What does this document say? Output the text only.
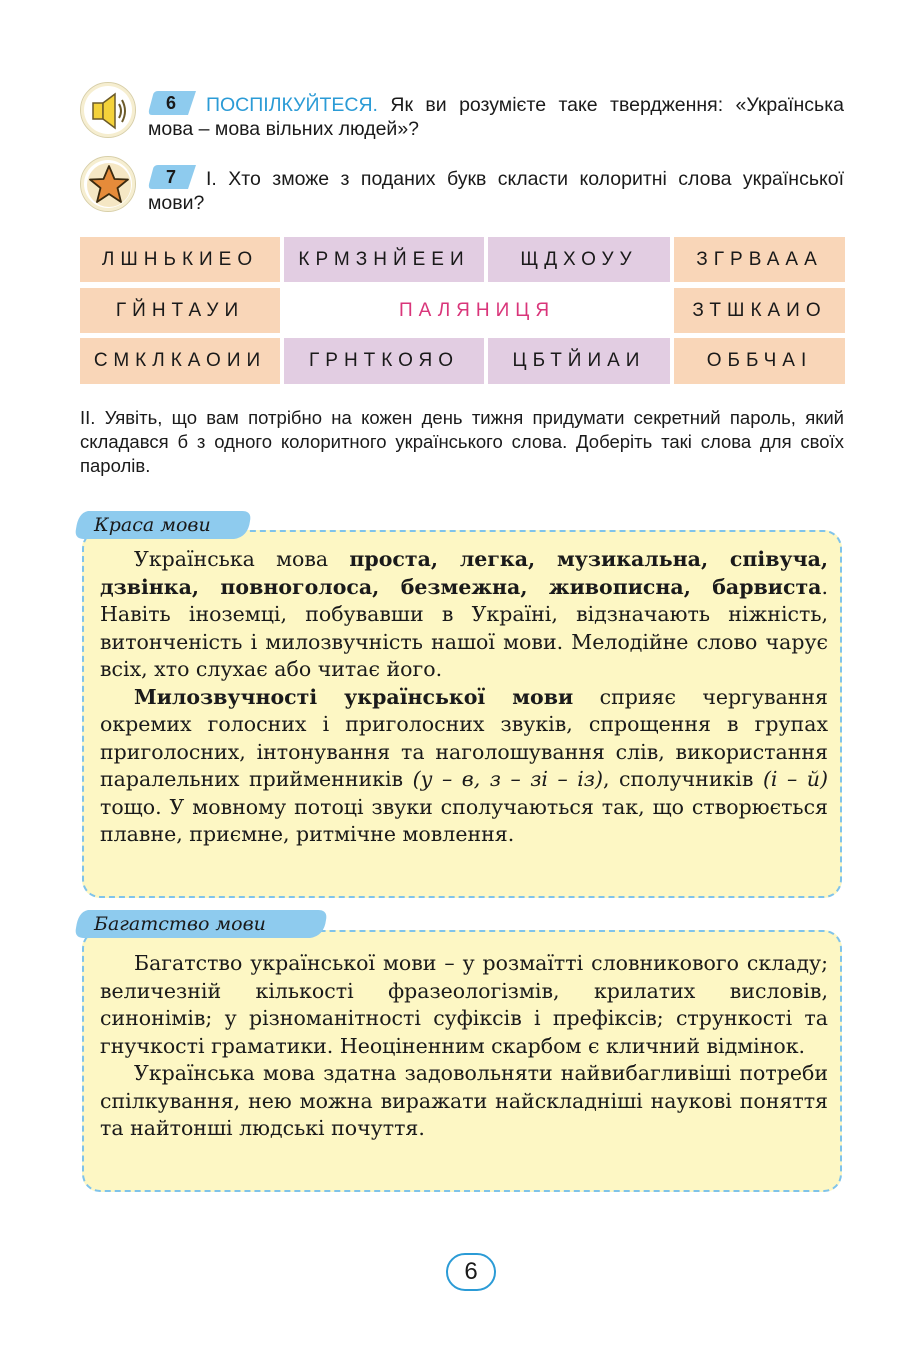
6	ПОСПІЛКУЙТЕСЯ. Як ви розумієте таке твердження: «Українська мова – мова вільних людей»?
7	І. Хто зможе з поданих букв скласти колоритні слова української мови?
ЛШНЬКИЕО	КРМЗНЙЕЕИ	ЩДХОУУ	ЗГРВААА
ГЙНТАУИ	ПАЛЯНИЦЯ	ЗТШКАИО
СМКЛКАОИИ	ГРНТКОЯО	ЦБТЙИАИ	ОББЧАІ
ІІ. Уявіть, що вам потрібно на кожен день тижня придумати секретний пароль, який складався б з одного колоритного українського слова. Доберіть такі слова для своїх паролів.

Українська мова проста, легка, музикальна, співуча, дзвінка, повноголоса, безмежна, живописна, барвиста. Навіть іноземці, побувавши в Україні, відзначають ніжність, витонченість і милозвучність нашої мови. Мелодійне слово чарує всіх, хто слухає або читає його.

Милозвучності української мови сприяє чергування окремих голосних і приголосних звуків, спрощення в групах приголосних, інтонування та наголошування слів, використання паралельних прийменників (у – в, з – зі – із), сполучників (і – й) тощо. У мовному потоці звуки сполучаються так, що створюється плавне, приємне, ритмічне мовлення.

Краса мови

Багатство української мови – у розмаїтті словникового складу; величезній кількості фразеологізмів, крилатих висловів, синонімів; у різноманітності суфіксів і префіксів; стрункості та гнучкості граматики. Неоціненним скарбом є кличний відмінок.

Українська мова здатна задовольняти найвибагливіші потреби спілкування, нею можна виражати найскладніші наукові поняття та найтонші людські почуття.

Багатство мови
6
